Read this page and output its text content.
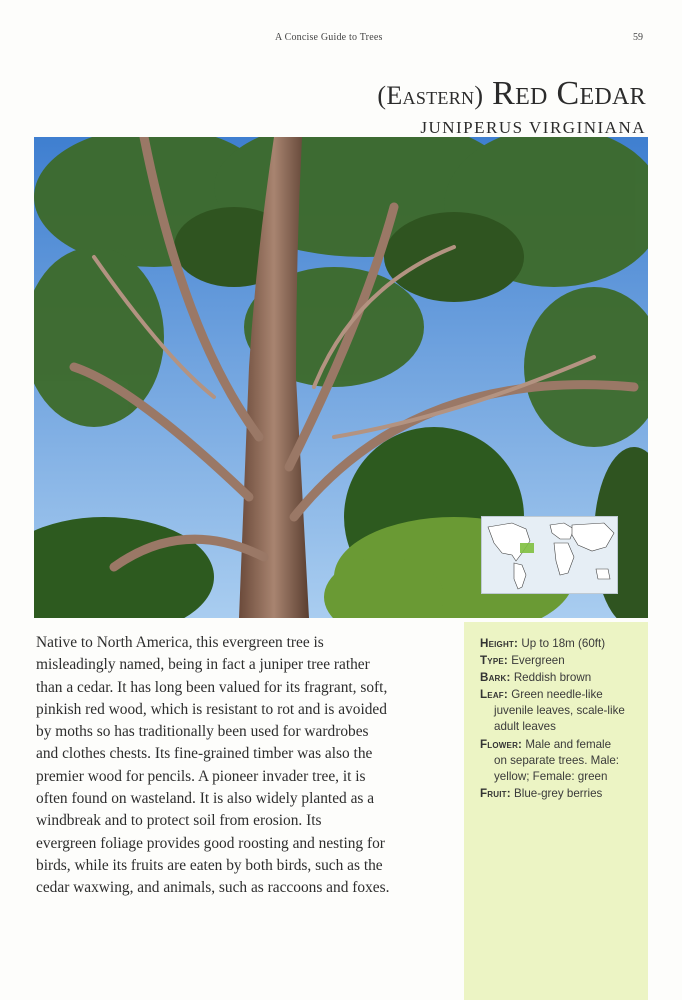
A Concise Guide to Trees	59
(Eastern) Red Cedar
JUNIPERUS VIRGINIANA

Native to North America, this evergreen tree is

misleadingly named, being in fact a juniper tree rather

than a cedar. It has long been valued for its fragrant, soft,

pinkish red wood, which is resistant to rot and is avoided

by moths so has traditionally been used for wardrobes

and clothes chests. Its fine-grained timber was also the

premier wood for pencils. A pioneer invader tree, it is

often found on wasteland. It is also widely planted as a

windbreak and to protect soil from erosion. Its

evergreen foliage provides good roosting and nesting for

birds, while its fruits are eaten by both birds, such as the

cedar waxwing, and animals, such as raccoons and foxes.

Height: Up to 18m (60ft)
Type: Evergreen
Bark: Reddish brown
Leaf: Green needle-like
juvenile leaves, scale-like
adult leaves
Flower: Male and female
on separate trees. Male:
yellow; Female: green
Fruit: Blue-grey berries
